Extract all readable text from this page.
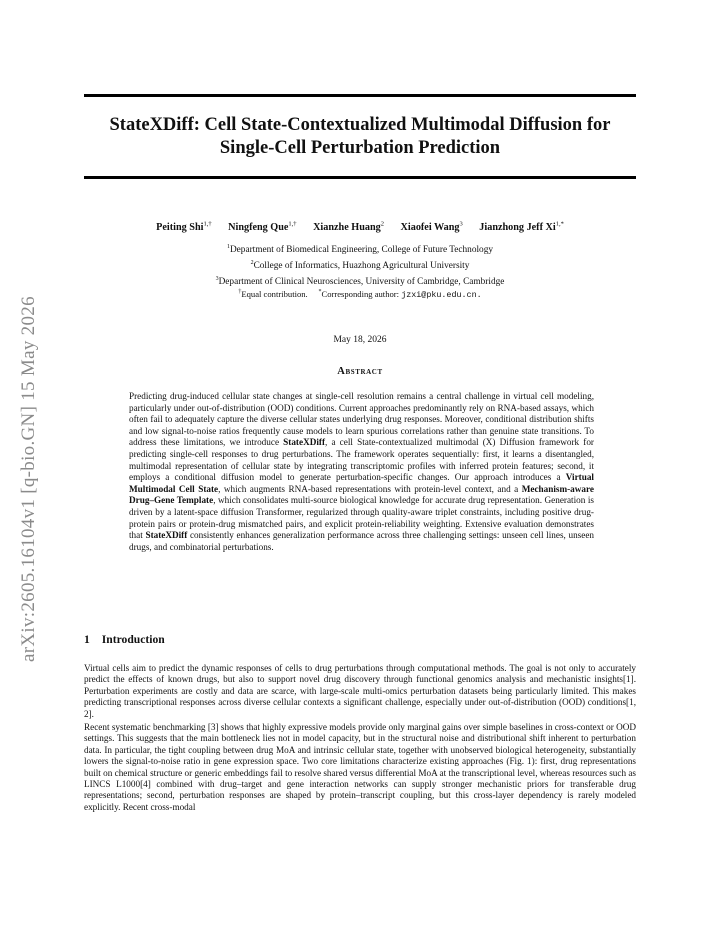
arXiv:2605.16104v1 [q-bio.GN] 15 May 2026
StateXDiff: Cell State-Contextualized Multimodal Diffusion for
Single-Cell Perturbation Prediction
Peiting Shi$^{1,\dagger}$ Ningfeng Que$^{1,\dagger}$ Xianzhe Huang$^2$ Xiaofei Wang$^3$ Jianzhong Jeff $Xi^{1,*}$
$^1$Department of Biomedical Engineering, College of Future Technology
$^2$College of Informatics, Huazhong Agricultural University
$^3$Department of Clinical Neurosciences, University of Cambridge, Cambridge
†Equal contribution. *Corresponding author: jzxi@pku.edu.cn.
May 18, 2026
Abstract
Predicting drug-induced cellular state changes at single-cell resolution remains a central challenge in virtual cell modeling, particularly under out-of-distribution (OOD) conditions. Current approaches predominantly rely on RNA-based assays, which often fail to adequately capture the diverse cellular states underlying drug responses. Moreover, conditional distribution shifts and low signal-to-noise ratios frequently cause models to learn spurious correlations rather than genuine state transitions. To address these limitations, we introduce StateXDiff, a cell State-contextualized multimodal (X) Diffusion framework for predicting single-cell responses to drug perturbations. The framework operates sequentially: first, it learns a disentangled, multimodal representation of cellular state by integrating transcriptomic profiles with inferred protein features; second, it employs a conditional diffusion model to generate perturbation-specific changes. Our approach introduces a Virtual Multimodal Cell State, which augments RNA-based representations with protein-level context, and a Mechanism-aware Drug–Gene Template, which consolidates multi-source biological knowledge for accurate drug representation. Generation is driven by a latent-space diffusion Transformer, regularized through quality-aware triplet constraints, including positive drug-protein pairs or protein-drug mismatched pairs, and explicit protein-reliability weighting. Extensive evaluation demonstrates that StateXDiff consistently enhances generalization performance across three challenging settings: unseen cell lines, unseen drugs, and combinatorial perturbations.
1 Introduction
Virtual cells aim to predict the dynamic responses of cells to drug perturbations through computational methods. The goal is not only to accurately predict the effects of known drugs, but also to support novel drug discovery through functional genomics analysis and mechanistic insights[1]. Perturbation experiments are costly and data are scarce, with large-scale multi-omics perturbation datasets being particularly limited. This makes predicting transcriptional responses across diverse cellular contexts a significant challenge, especially under out-of-distribution (OOD) conditions[1, 2].
Recent systematic benchmarking [3] shows that highly expressive models provide only marginal gains over simple baselines in cross-context or OOD settings. This suggests that the main bottleneck lies not in model capacity, but in the structural noise and distributional shift inherent to perturbation data. In particular, the tight coupling between drug MoA and intrinsic cellular state, together with unobserved biological heterogeneity, substantially lowers the signal-to-noise ratio in gene expression space. Two core limitations characterize existing approaches (Fig. 1): first, drug representations built on chemical structure or generic embeddings fail to resolve shared versus differential MoA at the transcriptional level, whereas resources such as LINCS L1000[4] combined with drug–target and gene interaction networks can supply stronger mechanistic priors for transferable drug representations; second, perturbation responses are shaped by protein–transcript coupling, but this cross-layer dependency is rarely modeled explicitly. Recent cross-modal
